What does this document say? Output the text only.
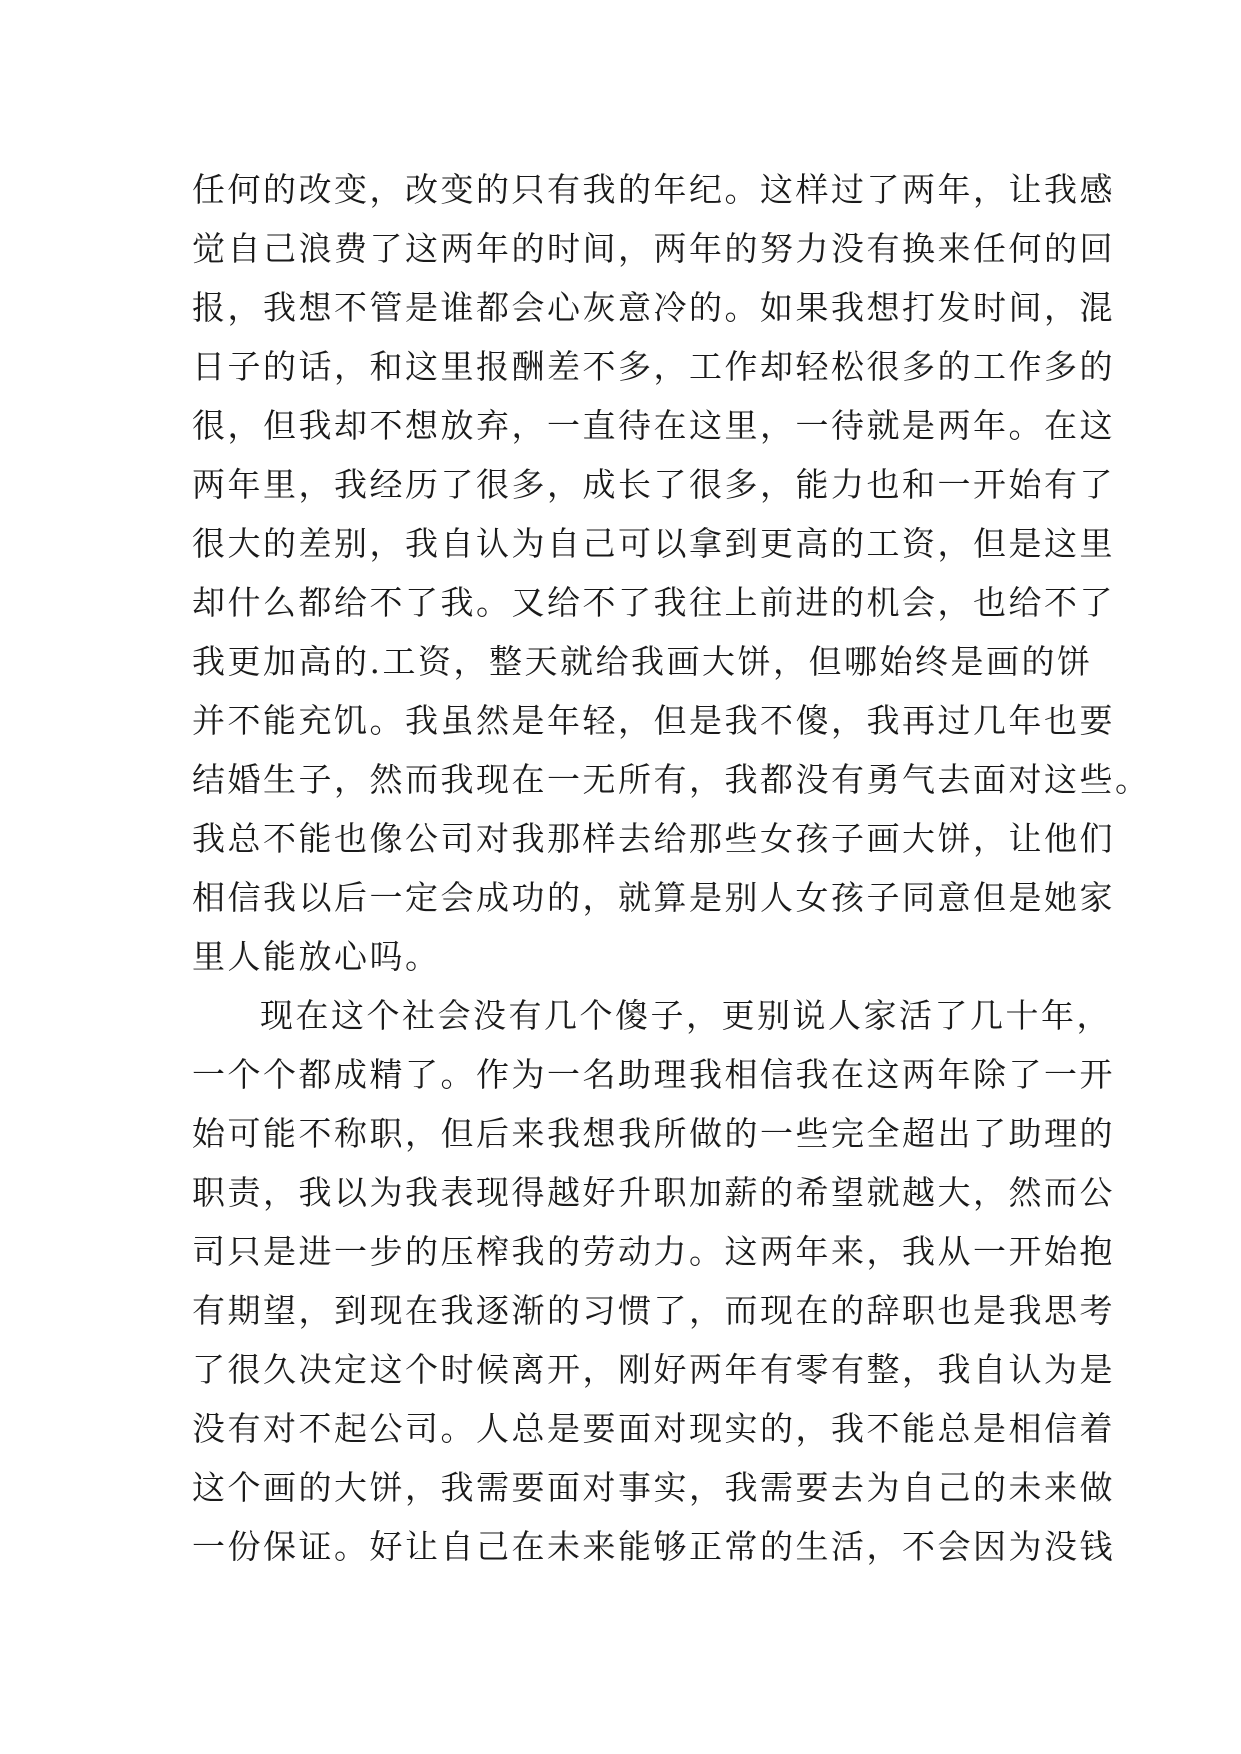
任何的改变，改变的只有我的年纪。这样过了两年，让我感
觉自己浪费了这两年的时间，两年的努力没有换来任何的回
报，我想不管是谁都会心灰意冷的。如果我想打发时间，混
日子的话，和这里报酬差不多，工作却轻松很多的工作多的
很，但我却不想放弃，一直待在这里，一待就是两年。在这
两年里，我经历了很多，成长了很多，能力也和一开始有了
很大的差别，我自认为自己可以拿到更高的工资，但是这里
却什么都给不了我。又给不了我往上前进的机会，也给不了
我更加高的.工资，整天就给我画大饼，但哪始终是画的饼
并不能充饥。我虽然是年轻，但是我不傻，我再过几年也要
结婚生子，然而我现在一无所有，我都没有勇气去面对这些。
我总不能也像公司对我那样去给那些女孩子画大饼，让他们
相信我以后一定会成功的，就算是别人女孩子同意但是她家
里人能放心吗。
现在这个社会没有几个傻子，更别说人家活了几十年，
一个个都成精了。作为一名助理我相信我在这两年除了一开
始可能不称职，但后来我想我所做的一些完全超出了助理的
职责，我以为我表现得越好升职加薪的希望就越大，然而公
司只是进一步的压榨我的劳动力。这两年来，我从一开始抱
有期望，到现在我逐渐的习惯了，而现在的辞职也是我思考
了很久决定这个时候离开，刚好两年有零有整，我自认为是
没有对不起公司。人总是要面对现实的，我不能总是相信着
这个画的大饼，我需要面对事实，我需要去为自己的未来做
一份保证。好让自己在未来能够正常的生活，不会因为没钱
